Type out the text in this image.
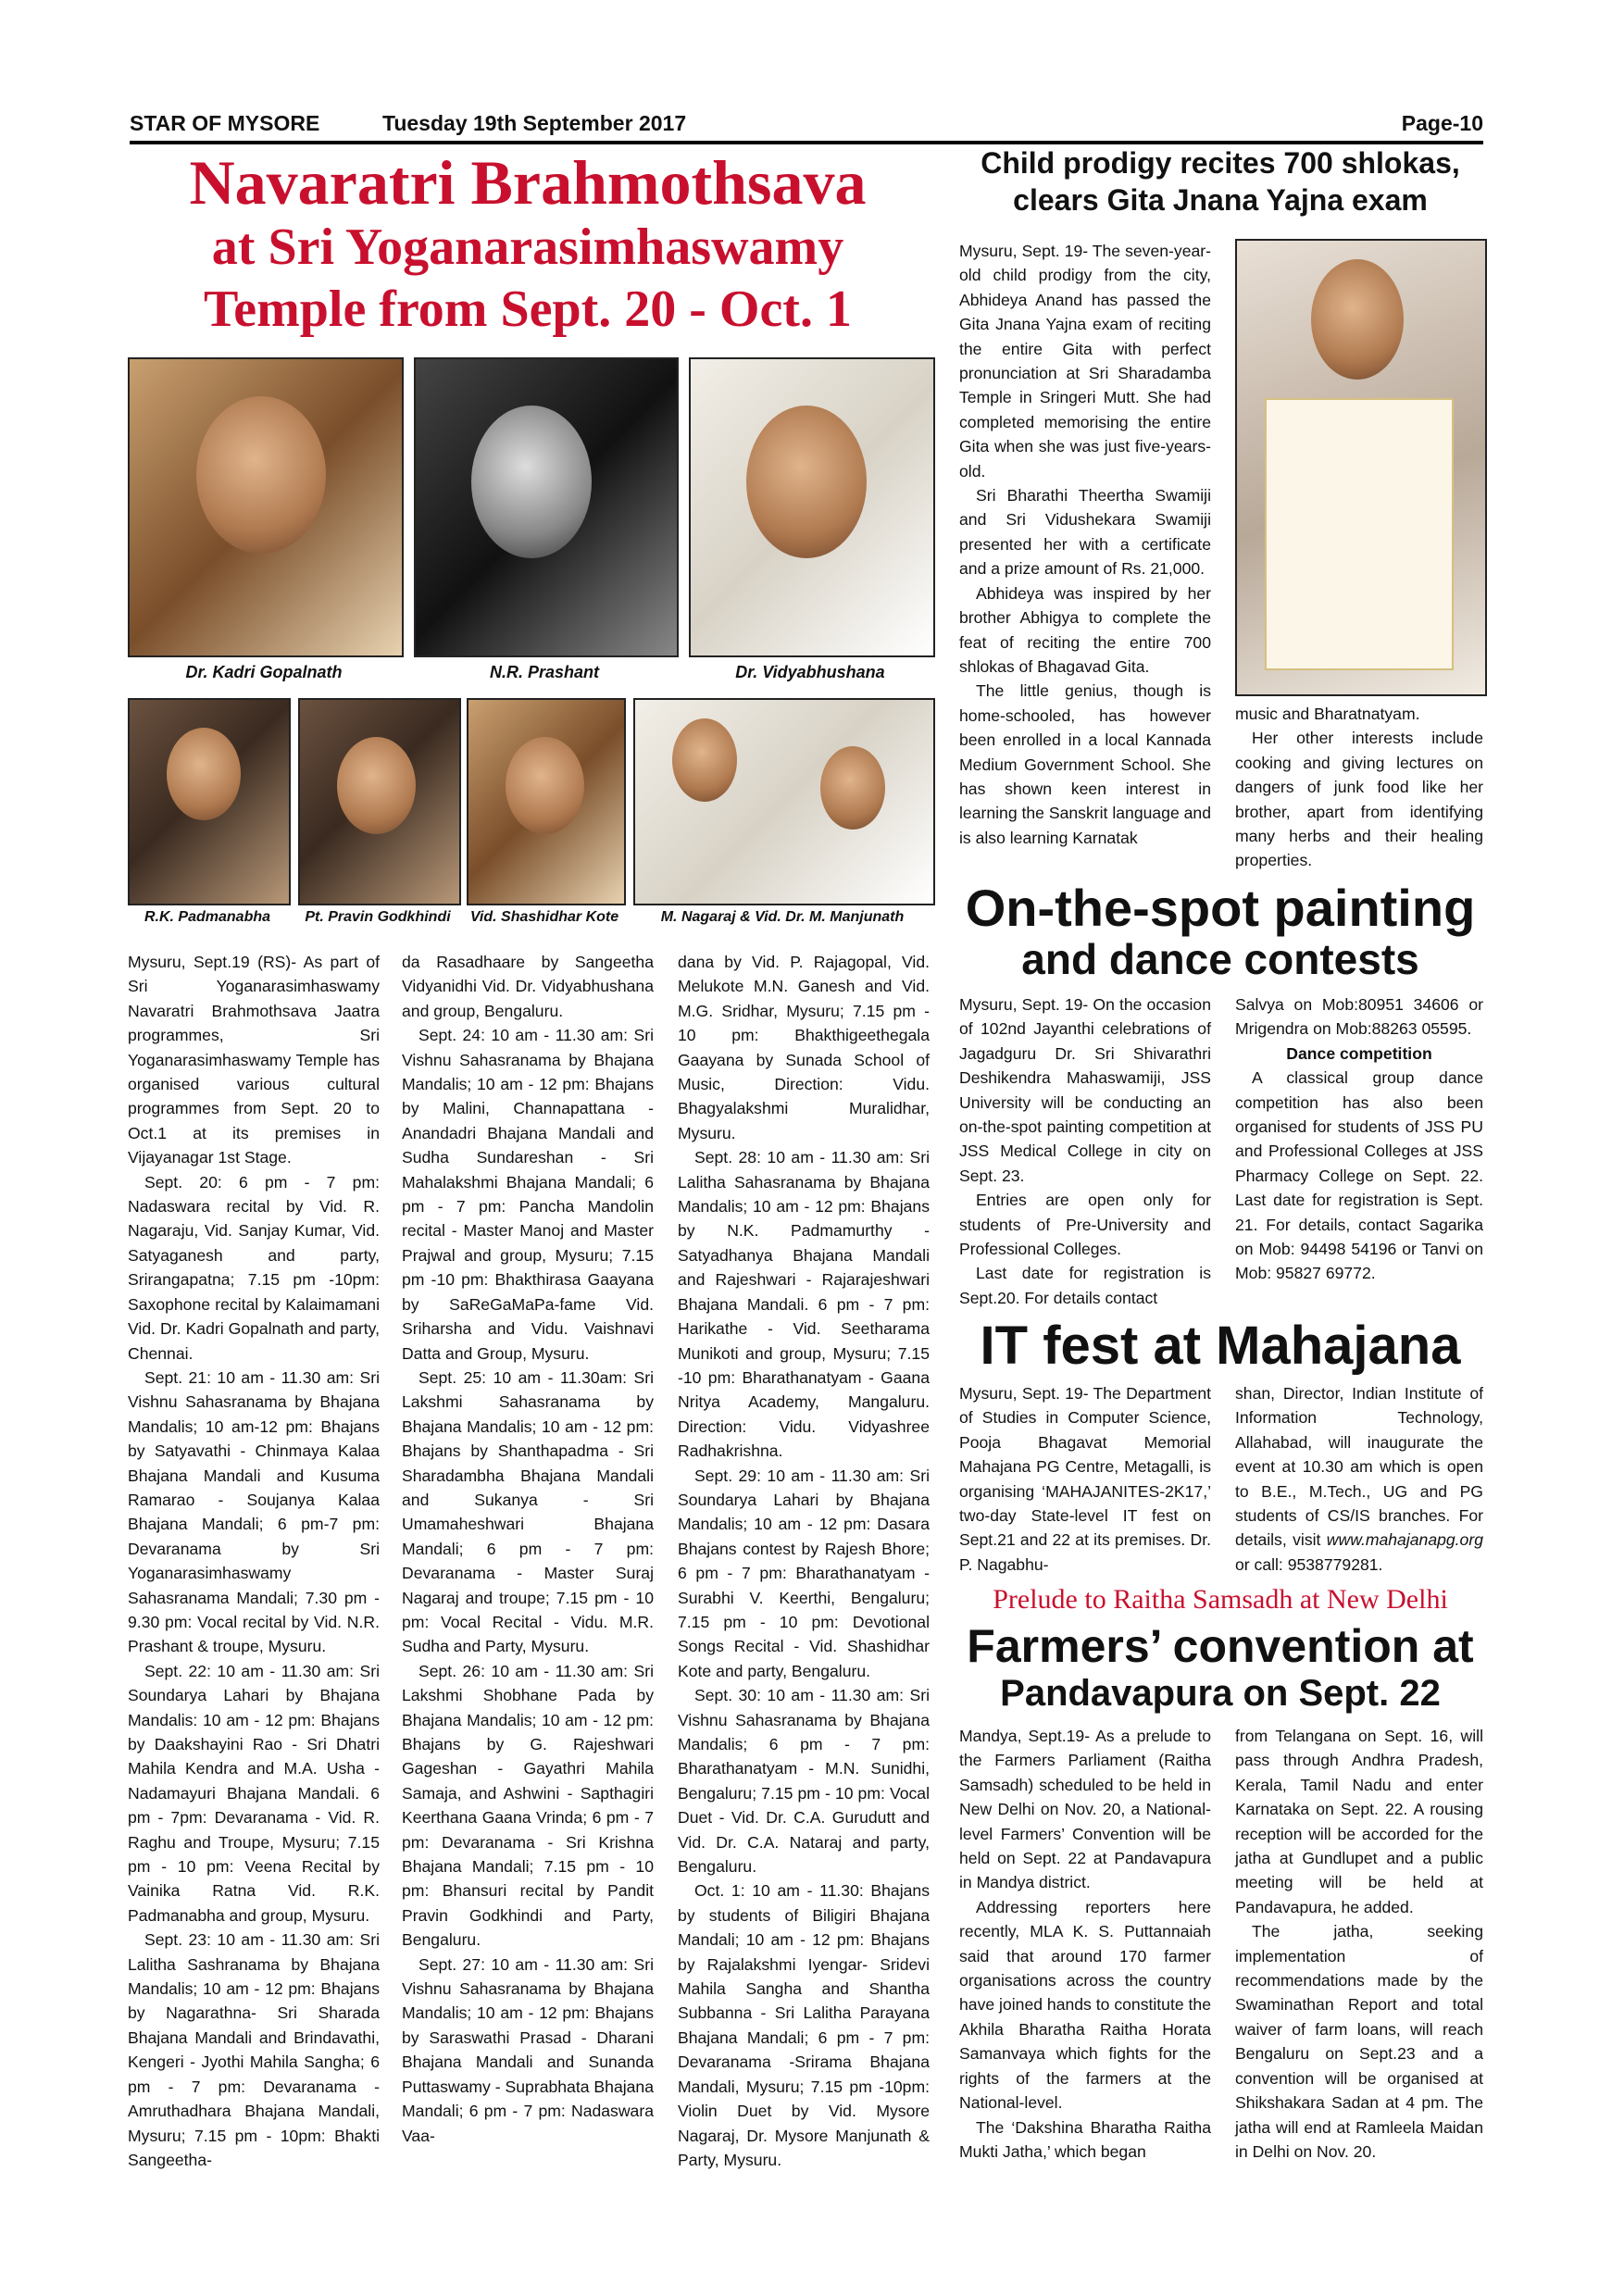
STAR OF MYSORE	Tuesday 19th September 2017	Page-10
Navaratri Brahmothsava
at Sri Yoganarasimhaswamy
Temple from Sept. 20 - Oct. 1
Dr. Kadri Gopalnath	N.R. Prashant	Dr. Vidyabhushana
R.K. Padmanabha	Pt. Pravin Godkhindi	Vid. Shashidhar Kote	M. Nagaraj & Vid. Dr. M. Manjunath

Mysuru, Sept.19 (RS)- As part of Sri Yoganarasimhaswamy Navaratri Brahmothsava Jaatra programmes, Sri Yoganarasimhaswamy Temple has organised various cultural programmes from Sept. 20 to Oct.1 at its premises in Vijayanagar 1st Stage.

Sept. 20: 6 pm - 7 pm: Nadaswara recital by Vid. R. Nagaraju, Vid. Sanjay Kumar, Vid. Satyaganesh and party, Srirangapatna; 7.15 pm -10pm: Saxophone recital by Kalaimamani Vid. Dr. Kadri Gopalnath and party, Chennai.

Sept. 21: 10 am - 11.30 am: Sri Vishnu Sahasranama by Bhajana Mandalis; 10 am-12 pm: Bhajans by Satyavathi - Chinmaya Kalaa Bhajana Mandali and Kusuma Ramarao - Soujanya Kalaa Bhajana Mandali; 6 pm-7 pm: Devaranama by Sri Yoganarasimhaswamy Sahasranama Mandali; 7.30 pm - 9.30 pm: Vocal recital by Vid. N.R. Prashant & troupe, Mysuru.

Sept. 22: 10 am - 11.30 am: Sri Soundarya Lahari by Bhajana Mandalis: 10 am - 12 pm: Bhajans by Daakshayini Rao - Sri Dhatri Mahila Kendra and M.A. Usha - Nadamayuri Bhajana Mandali. 6 pm - 7pm: Devaranama - Vid. R. Raghu and Troupe, Mysuru; 7.15 pm - 10 pm: Veena Recital by Vainika Ratna Vid. R.K. Padmanabha and group, Mysuru.

Sept. 23: 10 am - 11.30 am: Sri Lalitha Sashranama by Bhajana Mandalis; 10 am - 12 pm: Bhajans by Nagarathna- Sri Sharada Bhajana Mandali and Brindavathi, Kengeri - Jyothi Mahila Sangha; 6 pm - 7 pm: Devaranama - Amruthadhara Bhajana Mandali, Mysuru; 7.15 pm - 10pm: Bhakti Sangeetha-

da Rasadhaare by Sangeetha Vidyanidhi Vid. Dr. Vidyabhushana and group, Bengaluru.

Sept. 24: 10 am - 11.30 am: Sri Vishnu Sahasranama by Bhajana Mandalis; 10 am - 12 pm: Bhajans by Malini, Channapattana - Anandadri Bhajana Mandali and Sudha Sundareshan - Sri Mahalakshmi Bhajana Mandali; 6 pm - 7 pm: Pancha Mandolin recital - Master Manoj and Master Prajwal and group, Mysuru; 7.15 pm -10 pm: Bhakthirasa Gaayana by SaReGaMaPa-fame Vid. Sriharsha and Vidu. Vaishnavi Datta and Group, Mysuru.

Sept. 25: 10 am - 11.30am: Sri Lakshmi Sahasranama by Bhajana Mandalis; 10 am - 12 pm: Bhajans by Shanthapadma - Sri Sharadambha Bhajana Mandali and Sukanya - Sri Umamaheshwari Bhajana Mandali; 6 pm - 7 pm: Devaranama - Master Suraj Nagaraj and troupe; 7.15 pm - 10 pm: Vocal Recital - Vidu. M.R. Sudha and Party, Mysuru.

Sept. 26: 10 am - 11.30 am: Sri Lakshmi Shobhane Pada by Bhajana Mandalis; 10 am - 12 pm: Bhajans by G. Rajeshwari Gageshan - Gayathri Mahila Samaja, and Ashwini - Sapthagiri Keerthana Gaana Vrinda; 6 pm - 7 pm: Devaranama - Sri Krishna Bhajana Mandali; 7.15 pm - 10 pm: Bhansuri recital by Pandit Pravin Godkhindi and Party, Bengaluru.

Sept. 27: 10 am - 11.30 am: Sri Vishnu Sahasranama by Bhajana Mandalis; 10 am - 12 pm: Bhajans by Saraswathi Prasad - Dharani Bhajana Mandali and Sunanda Puttaswamy - Suprabhata Bhajana Mandali; 6 pm - 7 pm: Nadaswara Vaa-

dana by Vid. P. Rajagopal, Vid. Melukote M.N. Ganesh and Vid. M.G. Sridhar, Mysuru; 7.15 pm - 10 pm: Bhakthigeethegala Gaayana by Sunada School of Music, Direction: Vidu. Bhagyalakshmi Muralidhar, Mysuru.

Sept. 28: 10 am - 11.30 am: Sri Lalitha Sahasranama by Bhajana Mandalis; 10 am - 12 pm: Bhajans by N.K. Padmamurthy - Satyadhanya Bhajana Mandali and Rajeshwari - Rajarajeshwari Bhajana Mandali. 6 pm - 7 pm: Harikathe - Vid. Seetharama Munikoti and group, Mysuru; 7.15 -10 pm: Bharathanatyam - Gaana Nritya Academy, Mangaluru. Direction: Vidu. Vidyashree Radhakrishna.

Sept. 29: 10 am - 11.30 am: Sri Soundarya Lahari by Bhajana Mandalis; 10 am - 12 pm: Dasara Bhajans contest by Rajesh Bhore; 6 pm - 7 pm: Bharathanatyam - Surabhi V. Keerthi, Bengaluru; 7.15 pm - 10 pm: Devotional Songs Recital - Vid. Shashidhar Kote and party, Bengaluru.

Sept. 30: 10 am - 11.30 am: Sri Vishnu Sahasranama by Bhajana Mandalis; 6 pm - 7 pm: Bharathanatyam - M.N. Sunidhi, Bengaluru; 7.15 pm - 10 pm: Vocal Duet - Vid. Dr. C.A. Gurudutt and Vid. Dr. C.A. Nataraj and party, Bengaluru.

Oct. 1: 10 am - 11.30: Bhajans by students of Biligiri Bhajana Mandali; 10 am - 12 pm: Bhajans by Rajalakshmi Iyengar- Sridevi Mahila Sangha and Shantha Subbanna - Sri Lalitha Parayana Bhajana Mandali; 6 pm - 7 pm: Devaranama -Srirama Bhajana Mandali, Mysuru; 7.15 pm -10pm: Violin Duet by Vid. Mysore Nagaraj, Dr. Mysore Manjunath & Party, Mysuru.

Child prodigy recites 700 shlokas,
clears Gita Jnana Yajna exam

Mysuru, Sept. 19- The seven-year-old child prodigy from the city, Abhideya Anand has passed the Gita Jnana Yajna exam of reciting the entire Gita with perfect pronunciation at Sri Sharadamba Temple in Sringeri Mutt. She had completed memorising the entire Gita when she was just five-years-old.

Sri Bharathi Theertha Swamiji and Sri Vidushekara Swamiji presented her with a certificate and a prize amount of Rs. 21,000.

Abhideya was inspired by her brother Abhigya to complete the feat of reciting the entire 700 shlokas of Bhagavad Gita.

The little genius, though is home-schooled, has however been enrolled in a local Kannada Medium Government School. She has shown keen interest in learning the Sanskrit language and is also learning Karnatak

music and Bharatnatyam.

Her other interests include cooking and giving lectures on dangers of junk food like her brother, apart from identifying many herbs and their healing properties.

On-the-spot painting
and dance contests

Mysuru, Sept. 19- On the occasion of 102nd Jayanthi celebrations of Jagadguru Dr. Sri Shivarathri Deshikendra Mahaswamiji, JSS University will be conducting an on-the-spot painting competition at JSS Medical College in city on Sept. 23.

Entries are open only for students of Pre-University and Professional Colleges.

Last date for registration is Sept.20. For details contact

Salvya on Mob:80951 34606 or Mrigendra on Mob:88263 05595.

Dance competition

A classical group dance competition has also been organised for students of JSS PU and Professional Colleges at JSS Pharmacy College on Sept. 22. Last date for registration is Sept. 21. For details, contact Sagarika on Mob: 94498 54196 or Tanvi on Mob: 95827 69772.

IT fest at Mahajana

Mysuru, Sept. 19- The Department of Studies in Computer Science, Pooja Bhagavat Memorial Mahajana PG Centre, Metagalli, is organising ‘MAHAJANITES-2K17,’ two-day State-level IT fest on Sept.21 and 22 at its premises. Dr. P. Nagabhu-

shan, Director, Indian Institute of Information Technology, Allahabad, will inaugurate the event at 10.30 am which is open to B.E., M.Tech., UG and PG students of CS/IS branches. For details, visit www.mahajanapg.org or call: 9538779281.

Prelude to Raitha Samsadh at New Delhi
Farmers’ convention at
Pandavapura on Sept. 22

Mandya, Sept.19- As a prelude to the Farmers Parliament (Raitha Samsadh) scheduled to be held in New Delhi on Nov. 20, a National-level Farmers’ Convention will be held on Sept. 22 at Pandavapura in Mandya district.

Addressing reporters here recently, MLA K. S. Puttannaiah said that around 170 farmer organisations across the country have joined hands to constitute the Akhila Bharatha Raitha Horata Samanvaya which fights for the rights of the farmers at the National-level.

The ‘Dakshina Bharatha Raitha Mukti Jatha,’ which began

from Telangana on Sept. 16, will pass through Andhra Pradesh, Kerala, Tamil Nadu and enter Karnataka on Sept. 22. A rousing reception will be accorded for the jatha at Gundlupet and a public meeting will be held at Pandavapura, he added.

The jatha, seeking implementation of recommendations made by the Swaminathan Report and total waiver of farm loans, will reach Bengaluru on Sept.23 and a convention will be organised at Shikshakara Sadan at 4 pm. The jatha will end at Ramleela Maidan in Delhi on Nov. 20.
